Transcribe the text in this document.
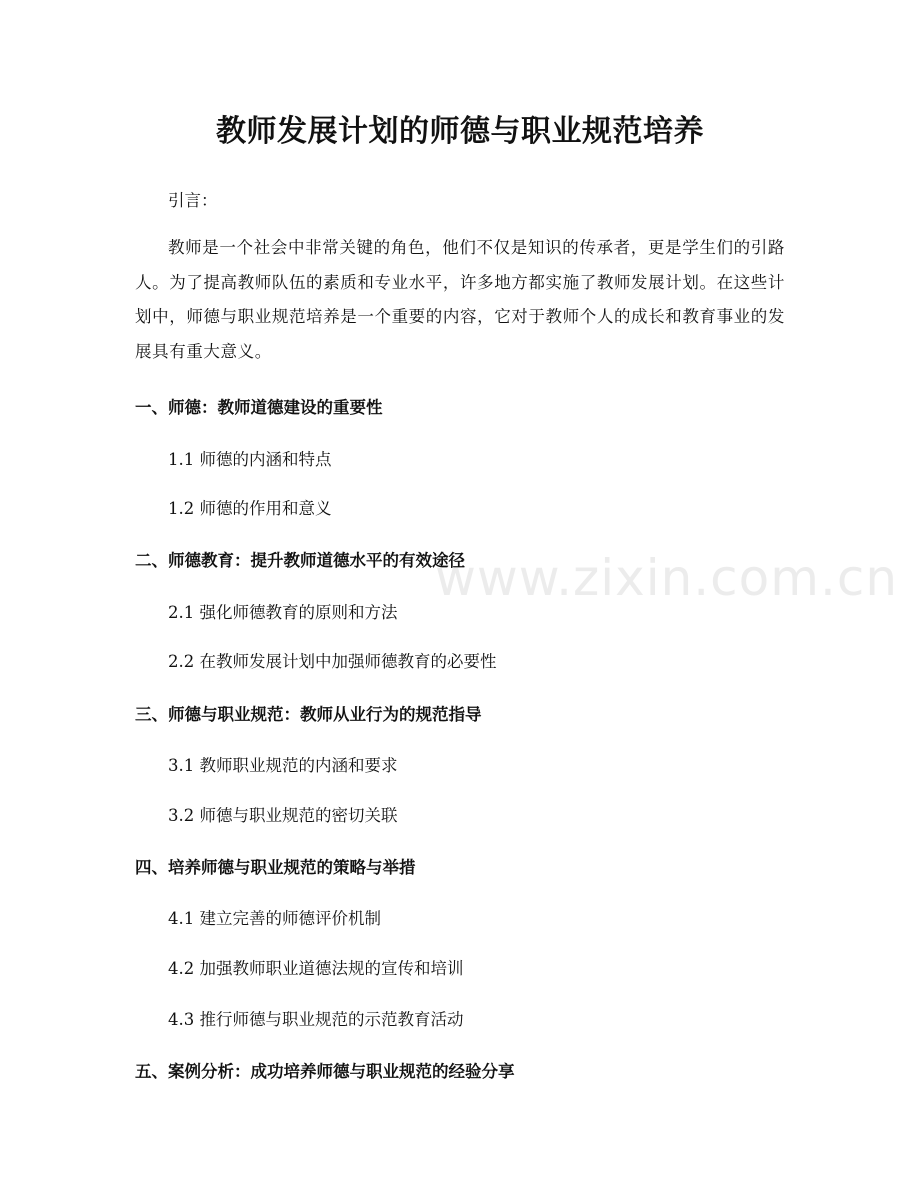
教师发展计划的师德与职业规范培养

引言：

教师是一个社会中非常关键的角色，他们不仅是知识的传承者，更是学生们的引路人。为了提高教师队伍的素质和专业水平，许多地方都实施了教师发展计划。在这些计划中，师德与职业规范培养是一个重要的内容，它对于教师个人的成长和教育事业的发展具有重大意义。

一、师德：教师道德建设的重要性

1.1 师德的内涵和特点

1.2 师德的作用和意义

二、师德教育：提升教师道德水平的有效途径

2.1 强化师德教育的原则和方法

2.2 在教师发展计划中加强师德教育的必要性

三、师德与职业规范：教师从业行为的规范指导

3.1 教师职业规范的内涵和要求

3.2 师德与职业规范的密切关联

四、培养师德与职业规范的策略与举措

4.1 建立完善的师德评价机制

4.2 加强教师职业道德法规的宣传和培训

4.3 推行师德与职业规范的示范教育活动

五、案例分析：成功培养师德与职业规范的经验分享
www.zixin.com.cn
